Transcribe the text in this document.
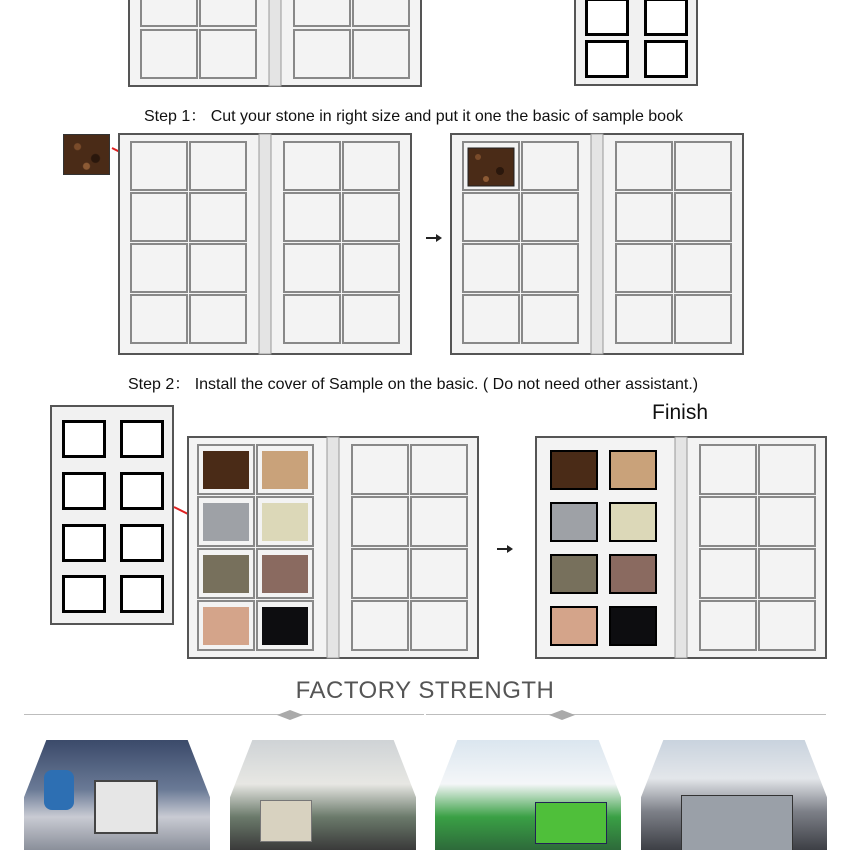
Step 1： Cut your stone in right size and put it one the basic of sample book
Step 2： Install the cover of Sample on the basic. ( Do not need other assistant.)
Finish
FACTORY STRENGTH
